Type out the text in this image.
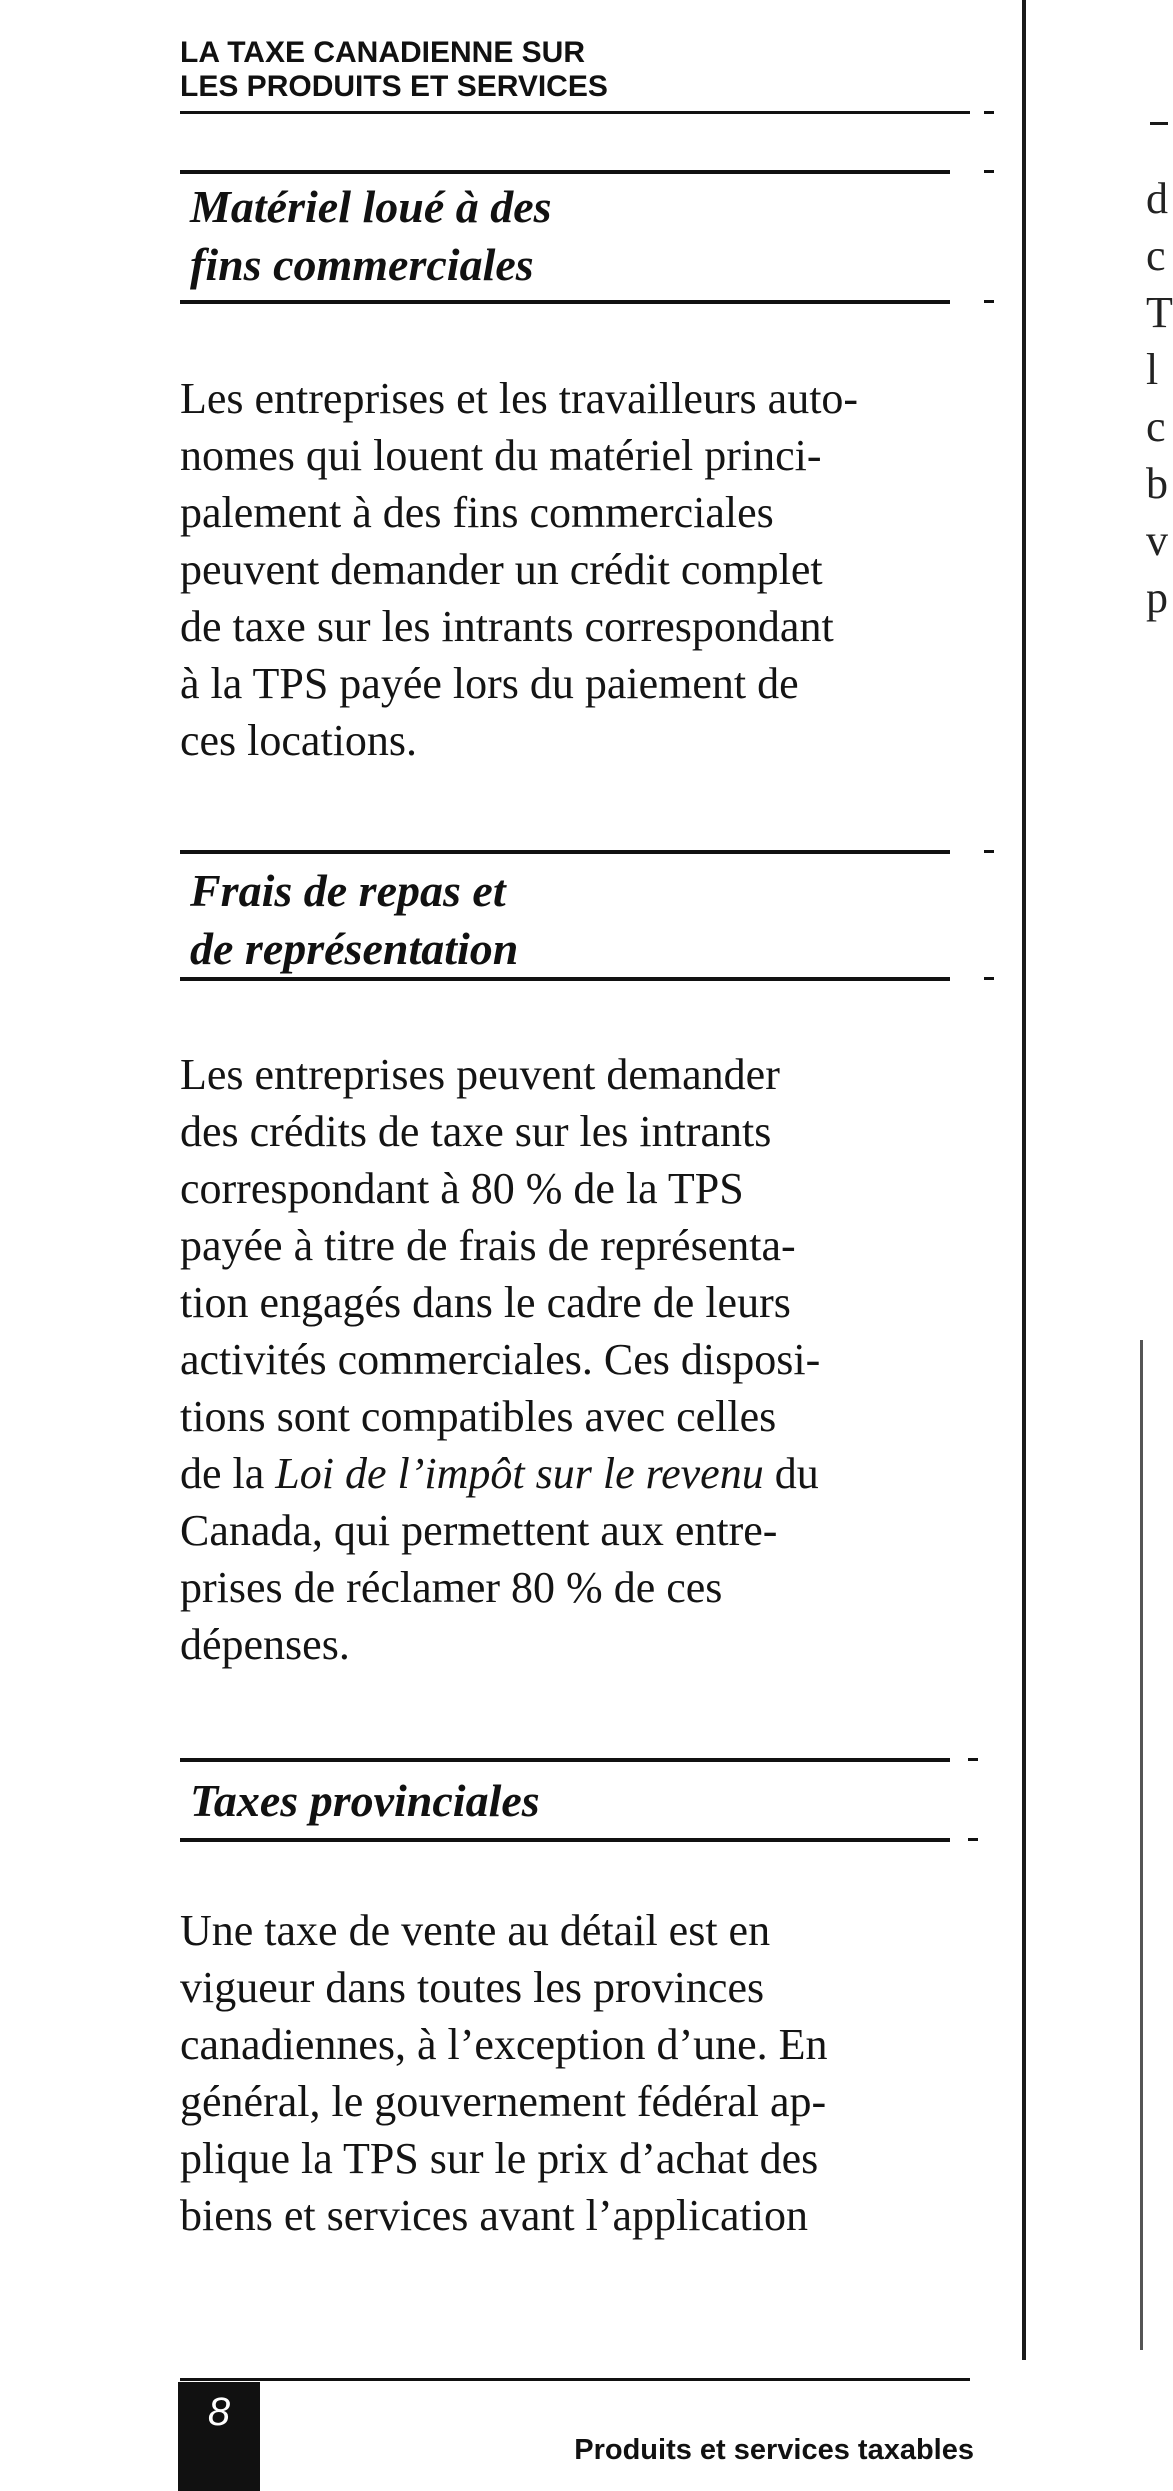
LA TAXE CANADIENNE SUR
LES PRODUITS ET SERVICES
Matériel loué à des
fins commerciales
Les entreprises et les travailleurs auto-
nomes qui louent du matériel princi-
palement à des fins commerciales
peuvent demander un crédit complet
de taxe sur les intrants correspondant
à la TPS payée lors du paiement de
ces locations.
Frais de repas et
de représentation
Les entreprises peuvent demander
des crédits de taxe sur les intrants
correspondant à 80 % de la TPS
payée à titre de frais de représenta-
tion engagés dans le cadre de leurs
activités commerciales. Ces disposi-
tions sont compatibles avec celles
de la Loi de l’impôt sur le revenu du
Canada, qui permettent aux entre-
prises de réclamer 80 % de ces
dépenses.
Taxes provinciales
Une taxe de vente au détail est en
vigueur dans toutes les provinces
canadiennes, à l’exception d’une. En
général, le gouvernement fédéral ap-
plique la TPS sur le prix d’achat des
biens et services avant l’application
8
Produits et services taxables
d
c
T
l
c
b
v
p
